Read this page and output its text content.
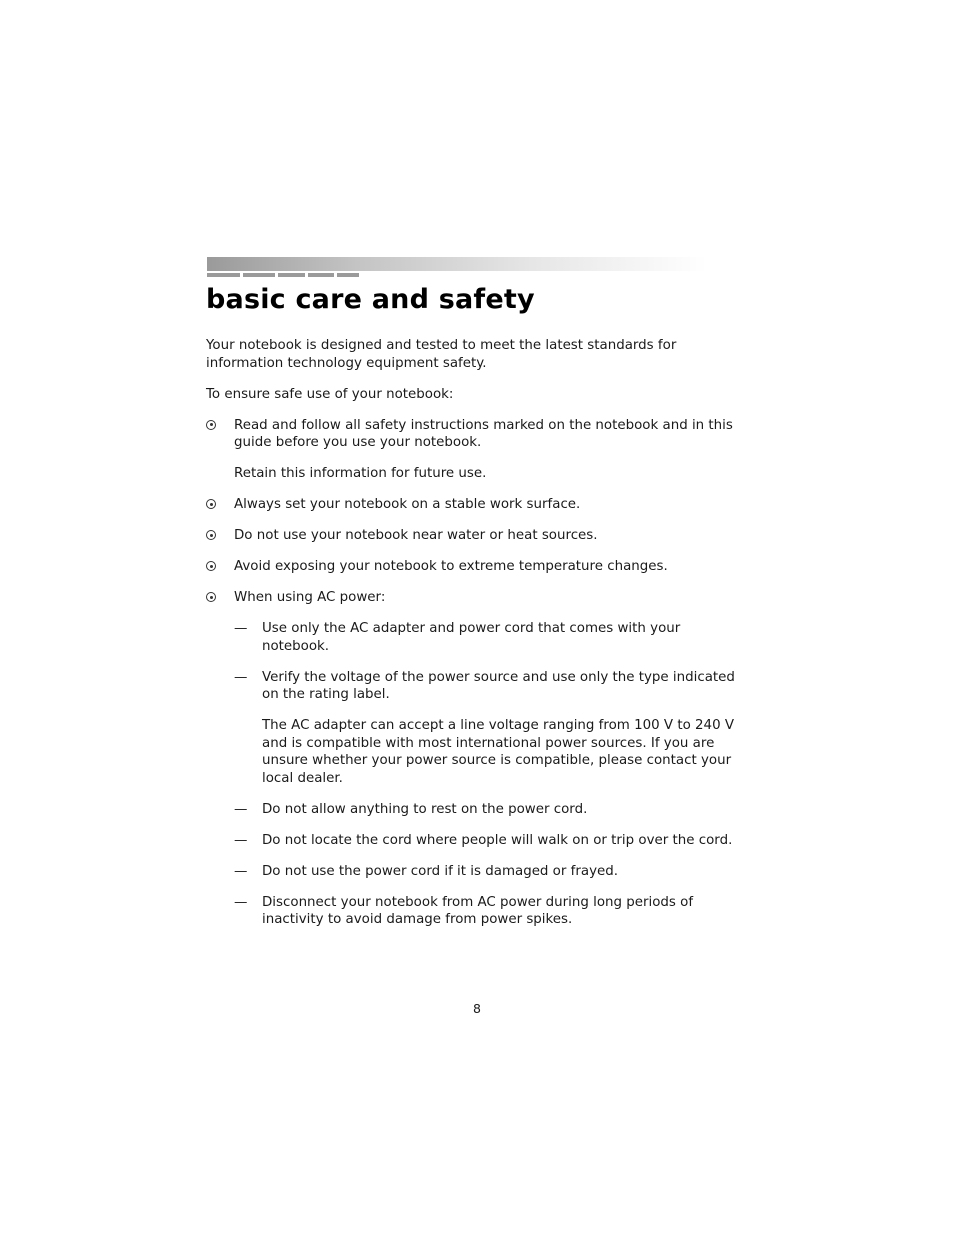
basic care and safety

Your notebook is designed and tested to meet the latest standards for information technology equipment safety.

To ensure safe use of your notebook:

Read and follow all safety instructions marked on the notebook and in this guide before you use your notebook.

Retain this information for future use.

Always set your notebook on a stable work surface.
Do not use your notebook near water or heat sources.
Avoid exposing your notebook to extreme temperature changes.
When using AC power:
— Use only the AC adapter and power cord that comes with your notebook.
— Verify the voltage of the power source and use only the type indicated on the rating label.

The AC adapter can accept a line voltage ranging from 100 V to 240 V and is compatible with most international power sources. If you are unsure whether your power source is compatible, please contact your local dealer.

— Do not allow anything to rest on the power cord.
— Do not locate the cord where people will walk on or trip over the cord.
— Do not use the power cord if it is damaged or frayed.
— Disconnect your notebook from AC power during long periods of inactivity to avoid damage from power spikes.
8
